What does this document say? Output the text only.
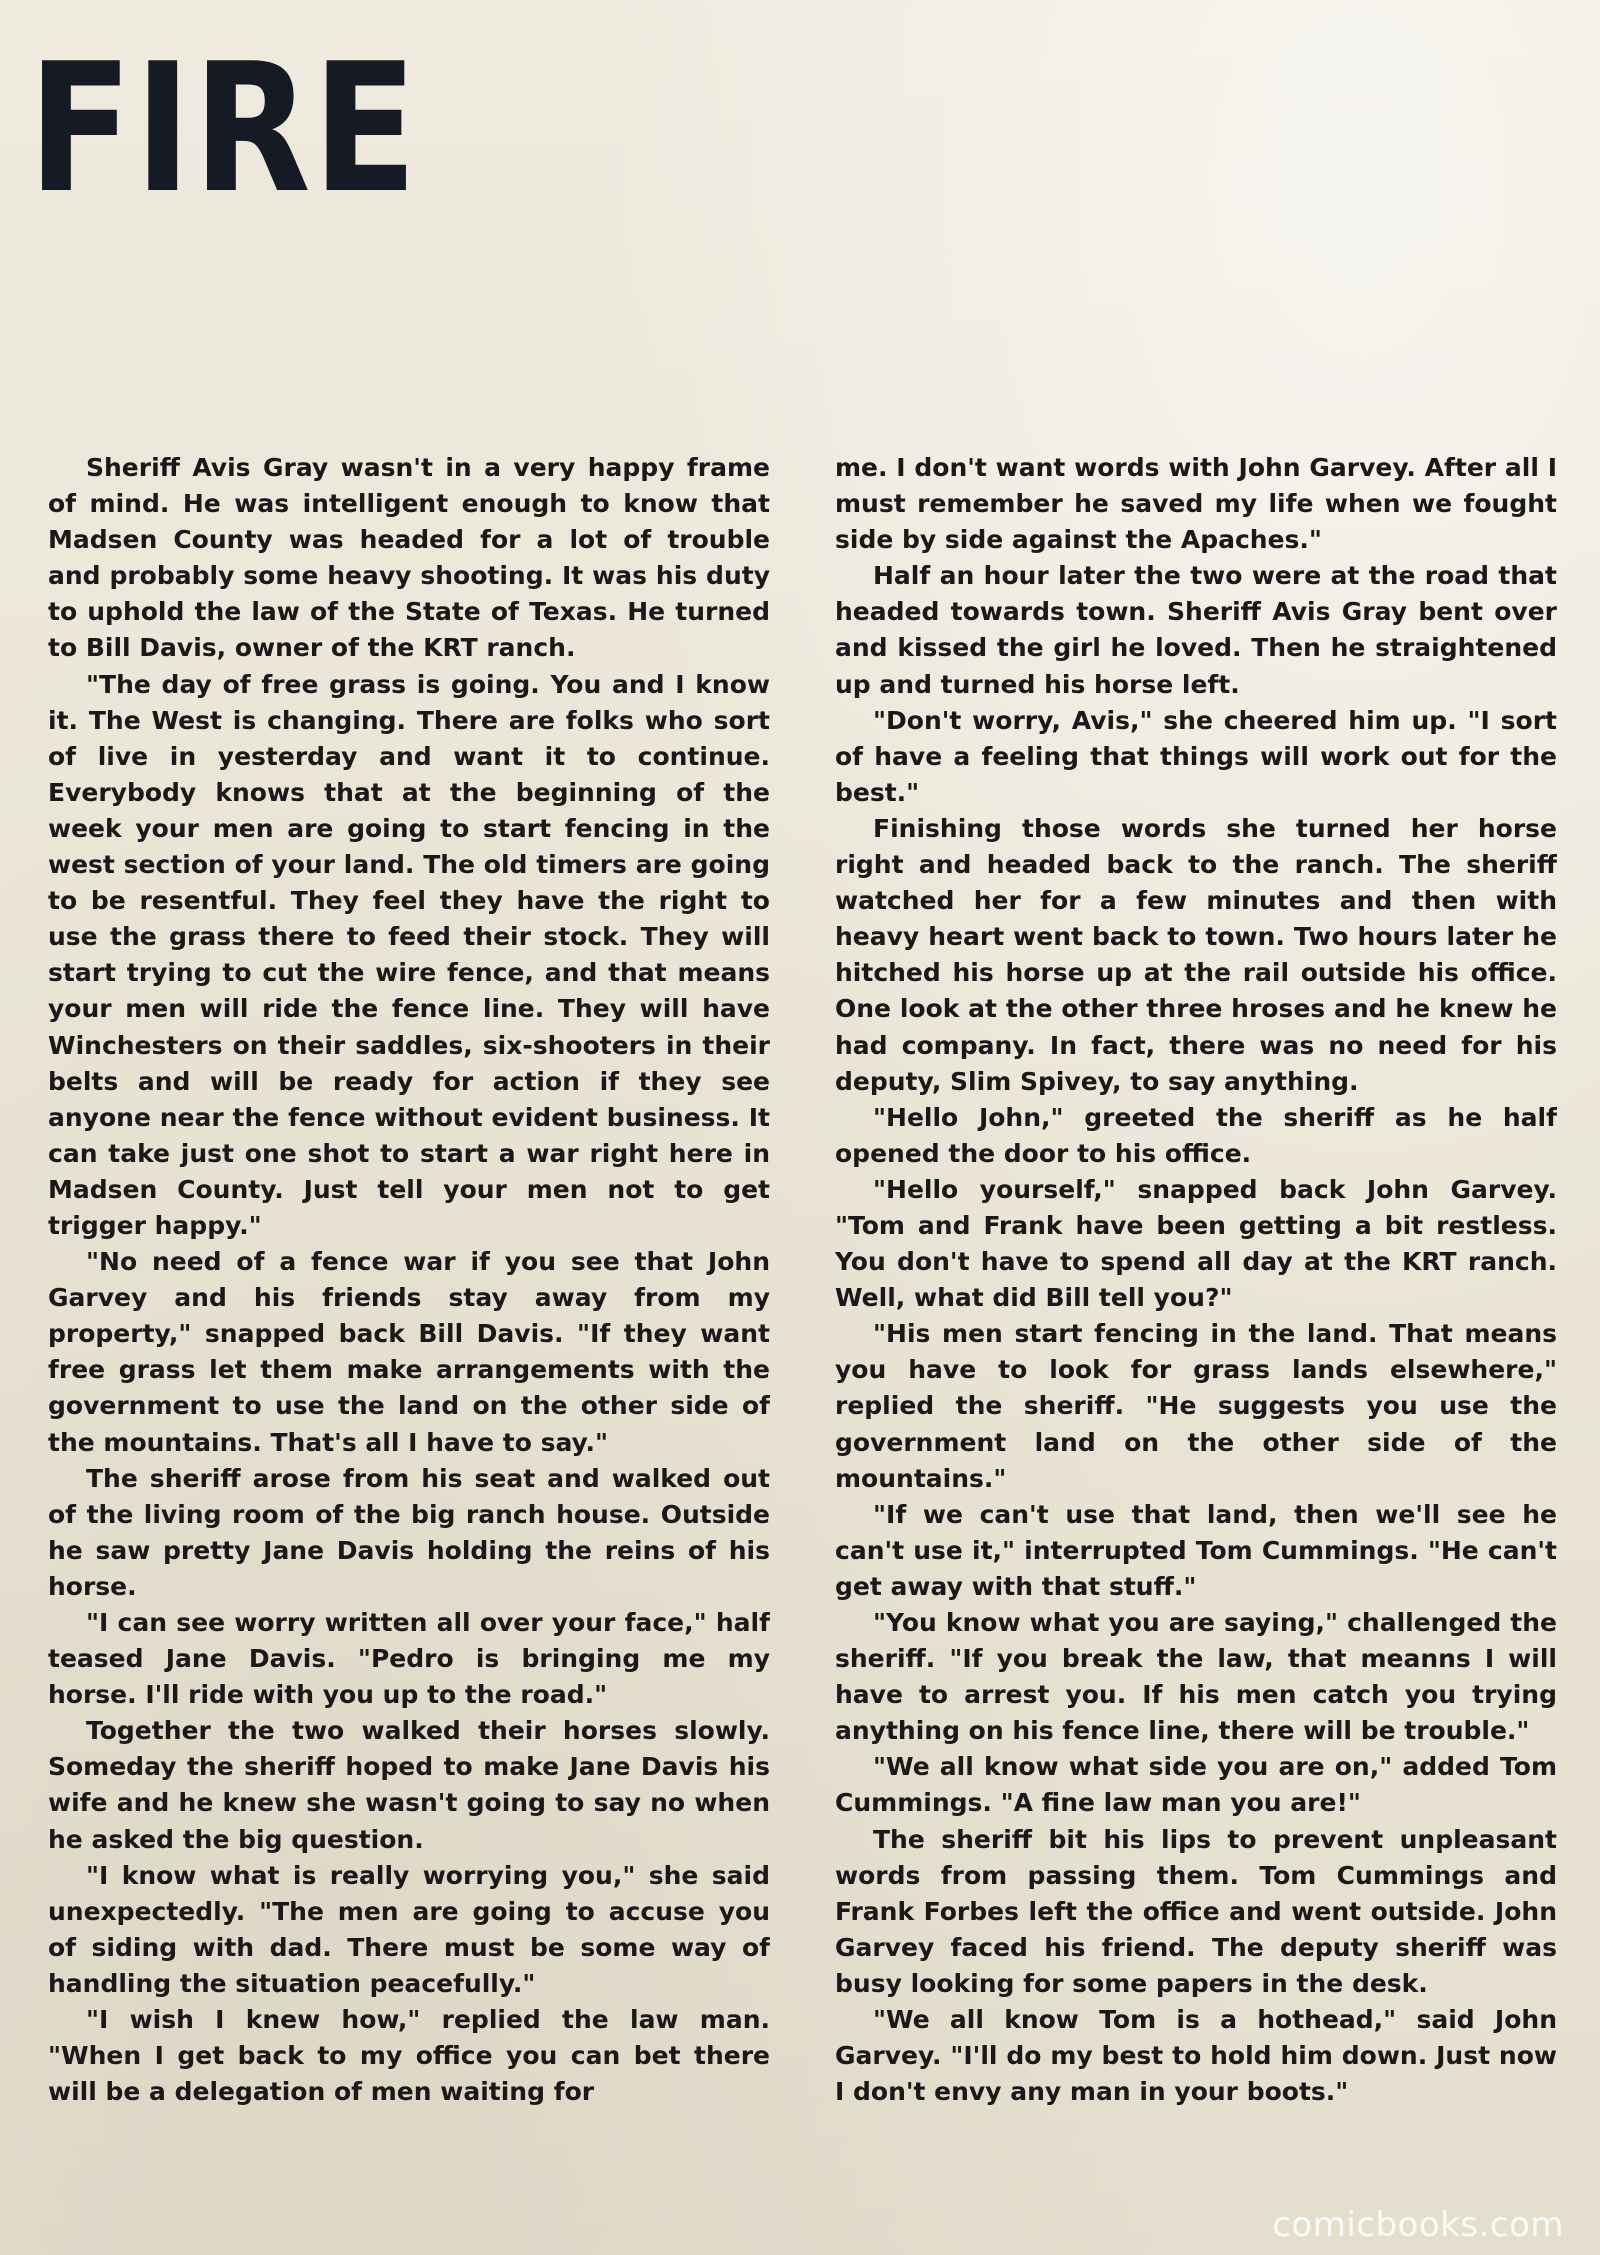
FIRE

Sheriff Avis Gray wasn't in a very happy frame of mind. He was intelligent enough to know that Madsen County was headed for a lot of trouble and probably some heavy shooting. It was his duty to uphold the law of the State of Texas. He turned to Bill Davis, owner of the KRT ranch.

"The day of free grass is going. You and I know it. The West is changing. There are folks who sort of live in yesterday and want it to continue. Everybody knows that at the beginning of the week your men are going to start fencing in the west section of your land. The old timers are going to be resentful. They feel they have the right to use the grass there to feed their stock. They will start trying to cut the wire fence, and that means your men will ride the fence line. They will have Winchesters on their saddles, six-shooters in their belts and will be ready for action if they see anyone near the fence without evident business. It can take just one shot to start a war right here in Madsen County. Just tell your men not to get trigger happy."

"No need of a fence war if you see that John Garvey and his friends stay away from my property," snapped back Bill Davis. "If they want free grass let them make arrangements with the government to use the land on the other side of the mountains. That's all I have to say."

The sheriff arose from his seat and walked out of the living room of the big ranch house. Outside he saw pretty Jane Davis holding the reins of his horse.

"I can see worry written all over your face," half teased Jane Davis. "Pedro is bringing me my horse. I'll ride with you up to the road."

Together the two walked their horses slowly. Someday the sheriff hoped to make Jane Davis his wife and he knew she wasn't going to say no when he asked the big question.

"I know what is really worrying you," she said unexpectedly. "The men are going to accuse you of siding with dad. There must be some way of handling the situation peacefully."

"I wish I knew how," replied the law man. "When I get back to my office you can bet there will be a delegation of men waiting for

me. I don't want words with John Garvey. After all I must remember he saved my life when we fought side by side against the Apaches."

Half an hour later the two were at the road that headed towards town. Sheriff Avis Gray bent over and kissed the girl he loved. Then he straightened up and turned his horse left.

"Don't worry, Avis," she cheered him up. "I sort of have a feeling that things will work out for the best."

Finishing those words she turned her horse right and headed back to the ranch. The sheriff watched her for a few minutes and then with heavy heart went back to town. Two hours later he hitched his horse up at the rail outside his office. One look at the other three hroses and he knew he had company. In fact, there was no need for his deputy, Slim Spivey, to say anything.

"Hello John," greeted the sheriff as he half opened the door to his office.

"Hello yourself," snapped back John Garvey. "Tom and Frank have been getting a bit restless. You don't have to spend all day at the KRT ranch. Well, what did Bill tell you?"

"His men start fencing in the land. That means you have to look for grass lands elsewhere," replied the sheriff. "He suggests you use the government land on the other side of the mountains."

"If we can't use that land, then we'll see he can't use it," interrupted Tom Cummings. "He can't get away with that stuff."

"You know what you are saying," challenged the sheriff. "If you break the law, that meanns I will have to arrest you. If his men catch you trying anything on his fence line, there will be trouble."

"We all know what side you are on," added Tom Cummings. "A fine law man you are!"

The sheriff bit his lips to prevent unpleasant words from passing them. Tom Cummings and Frank Forbes left the office and went outside. John Garvey faced his friend. The deputy sheriff was busy looking for some papers in the desk.

"We all know Tom is a hothead," said John Garvey. "I'll do my best to hold him down. Just now I don't envy any man in your boots."

comicbooks.com
